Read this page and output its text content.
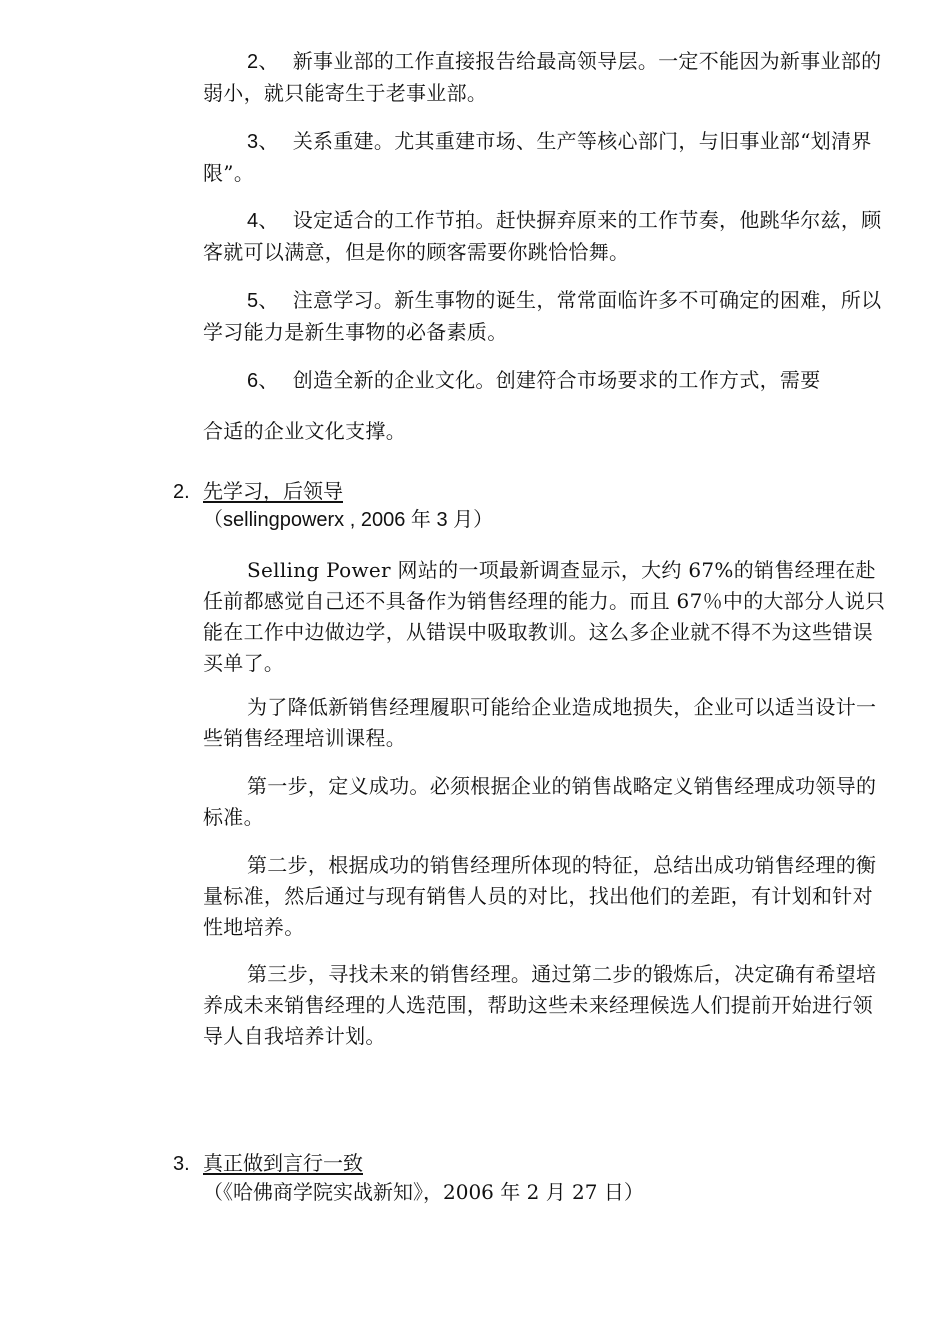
2、 新事业部的工作直接报告给最高领导层。一定不能因为新事业部的弱小，就只能寄生于老事业部。

3、 关系重建。尤其重建市场、生产等核心部门，与旧事业部“划清界限”。

4、 设定适合的工作节拍。赶快摒弃原来的工作节奏，他跳华尔兹，顾客就可以满意，但是你的顾客需要你跳恰恰舞。

5、 注意学习。新生事物的诞生，常常面临许多不可确定的困难，所以学习能力是新生事物的必备素质。

6、 创造全新的企业文化。创建符合市场要求的工作方式，需要

合适的企业文化支撑。

2. 先学习，后领导

（sellingpowerx , 2006 年 3 月）

Selling Power 网站的一项最新调查显示，大约 67%的销售经理在赴任前都感觉自己还不具备作为销售经理的能力。而且 67％中的大部分人说只能在工作中边做边学，从错误中吸取教训。这么多企业就不得不为这些错误买单了。

为了降低新销售经理履职可能给企业造成地损失，企业可以适当设计一些销售经理培训课程。

第一步，定义成功。必须根据企业的销售战略定义销售经理成功领导的标准。

第二步，根据成功的销售经理所体现的特征，总结出成功销售经理的衡量标准，然后通过与现有销售人员的对比，找出他们的差距，有计划和针对性地培养。

第三步，寻找未来的销售经理。通过第二步的锻炼后，决定确有希望培养成未来销售经理的人选范围，帮助这些未来经理候选人们提前开始进行领导人自我培养计划。

3. 真正做到言行一致

（《哈佛商学院实战新知》，2006 年 2 月 27 日）
